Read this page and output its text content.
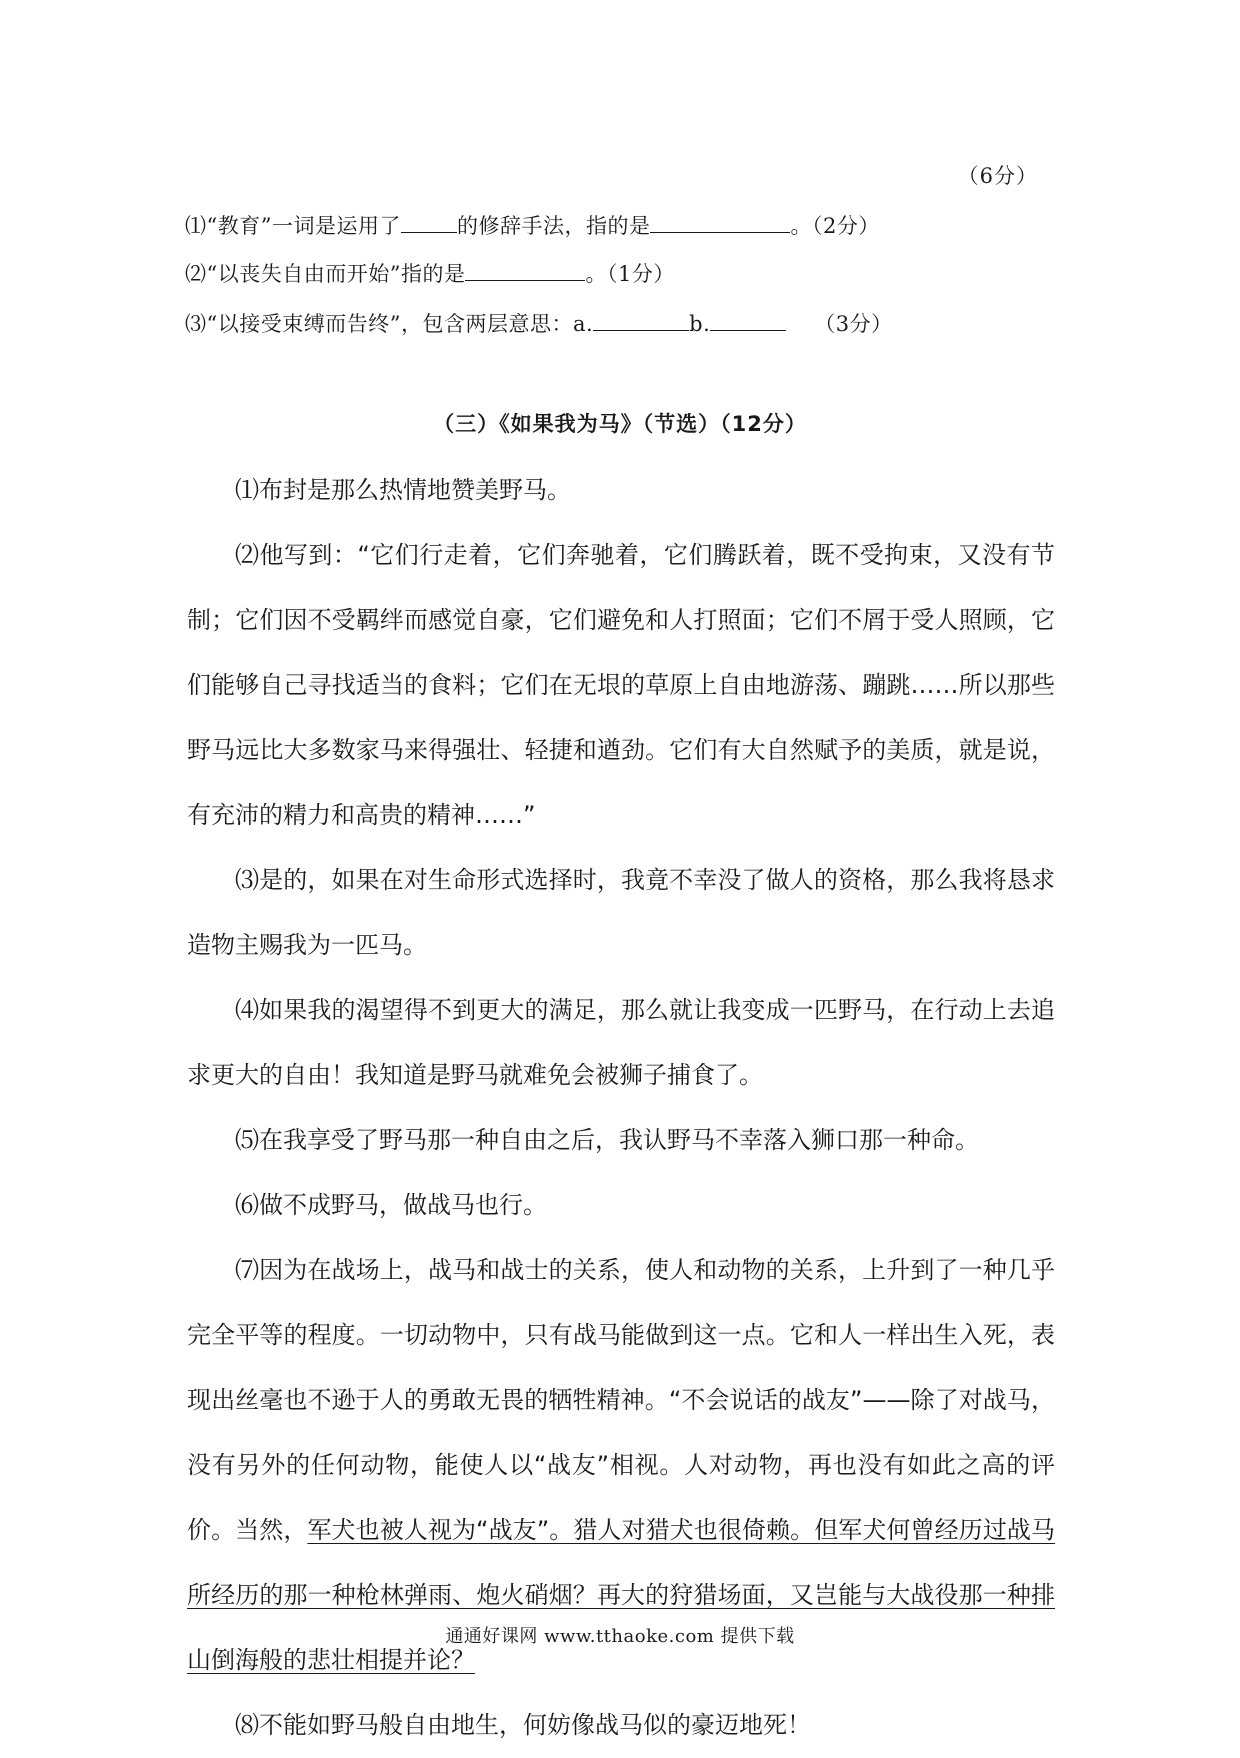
（6分）
⑴“教育”一词是运用了	的修辞手法，指的是	。（2分）
⑵“以丧失自由而开始”指的是	。（1分）
⑶“以接受束缚而告终”，包含两层意思：a.	b.	（3分）
（三）《如果我为马》（节选）（12分）

⑴布封是那么热情地赞美野马。

⑵他写到：“它们行走着，它们奔驰着，它们腾跃着，既不受拘束，又没有节制；它们因不受羁绊而感觉自豪，它们避免和人打照面；它们不屑于受人照顾，它们能够自己寻找适当的食料；它们在无垠的草原上自由地游荡、蹦跳……所以那些野马远比大多数家马来得强壮、轻捷和遒劲。它们有大自然赋予的美质，就是说，有充沛的精力和高贵的精神……”

⑶是的，如果在对生命形式选择时，我竟不幸没了做人的资格，那么我将恳求造物主赐我为一匹马。

⑷如果我的渴望得不到更大的满足，那么就让我变成一匹野马，在行动上去追求更大的自由！我知道是野马就难免会被狮子捕食了。

⑸在我享受了野马那一种自由之后，我认野马不幸落入狮口那一种命。

⑹做不成野马，做战马也行。

⑺因为在战场上，战马和战士的关系，使人和动物的关系，上升到了一种几乎完全平等的程度。一切动物中，只有战马能做到这一点。它和人一样出生入死，表现出丝毫也不逊于人的勇敢无畏的牺牲精神。“不会说话的战友”——除了对战马，没有另外的任何动物，能使人以“战友”相视。人对动物，再也没有如此之高的评价。当然，军犬也被人视为“战友”。猎人对猎犬也很倚赖。但军犬何曾经历过战马所经历的那一种枪林弹雨、炮火硝烟？再大的狩猎场面，又岂能与大战役那一种排山倒海般的悲壮相提并论？

⑻不能如野马般自由地生，何妨像战马似的豪迈地死！

通通好课网 www.tthaoke.com 提供下载
